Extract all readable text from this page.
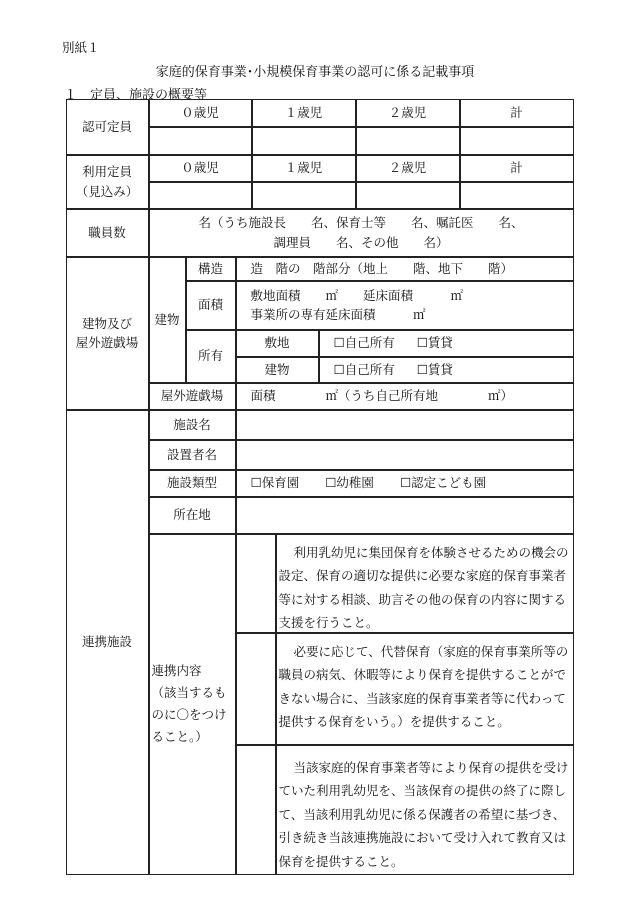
別紙１
家庭的保育事業･小規模保育事業の認可に係る記載事項
１　定員、施設の概要等
認可定員
０歳児	１歳児	２歳児	計
利用定員
（見込み）
０歳児	１歳児	２歳児	計
職員数
名（うち施設長　　名、保育士等　　名、嘱託医　　名、
調理員　　名、その他　　名）
建物及び
屋外遊戯場
建物
構造	造　階の　階部分（地上　　階、地下　　階）
面積
敷地面積　　㎡　　延床面積　　　㎡
事業所の専有延床面積　　　㎡
所有
敷地	☐自己所有 ☐賃貸
建物	☐自己所有 ☐賃貸
屋外遊戯場	面積　　　　㎡（うち自己所有地　　　　㎡）
連携施設
施設名
設置者名
施設類型	☐保育園 ☐幼稚園 ☐認定こども園
所在地
連携内容
（該当するも
のに〇をつけ
ること。）
利用乳幼児に集団保育を体験させるための機会の設定、保育の適切な提供に必要な家庭的保育事業者等に対する相談、助言その他の保育の内容に関する支援を行うこと。
必要に応じて、代替保育（家庭的保育事業所等の職員の病気、休暇等により保育を提供することができない場合に、当該家庭的保育事業者等に代わって提供する保育をいう。）を提供すること。
当該家庭的保育事業者等により保育の提供を受けていた利用乳幼児を、当該保育の提供の終了に際して、当該利用乳幼児に係る保護者の希望に基づき、引き続き当該連携施設において受け入れて教育又は保育を提供すること。
